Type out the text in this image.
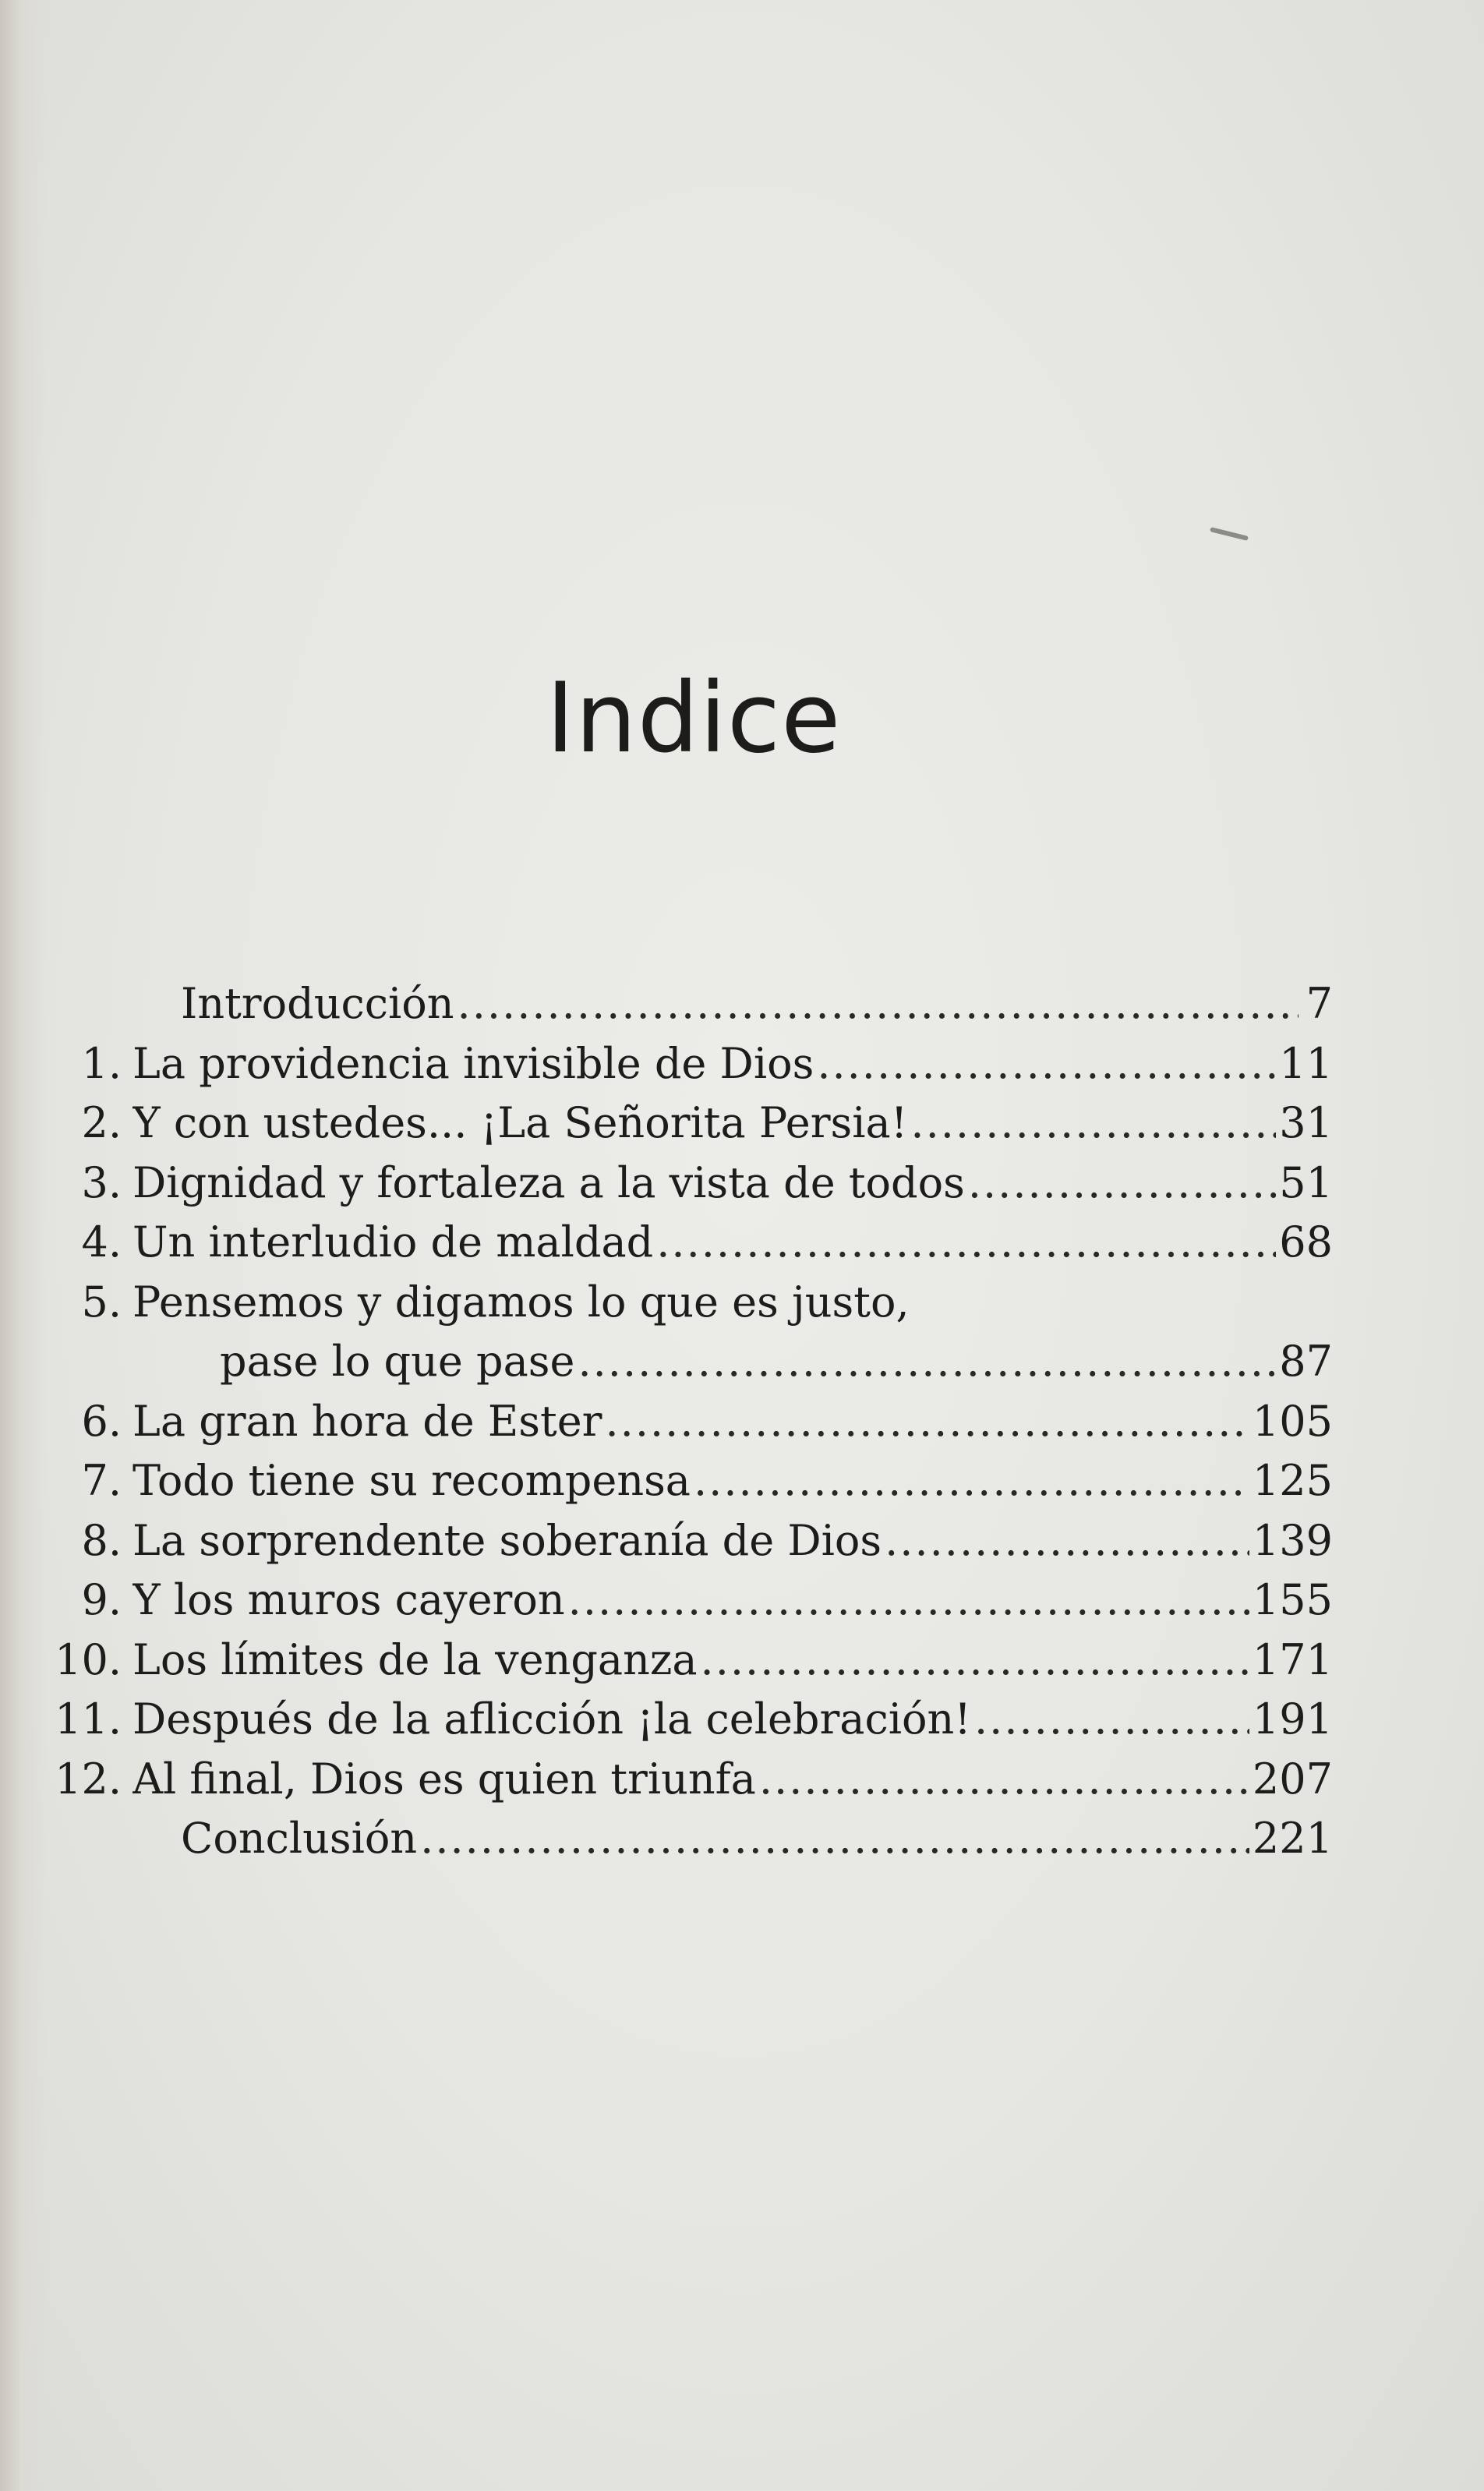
Indice
Introducción .....	7
1. La providencia invisible de Dios .....	11
2. Y con ustedes... ¡La Señorita Persia! .....	31
3. Dignidad y fortaleza a la vista de todos .....	51
4. Un interludio de maldad .....	68
5. Pensemos y digamos lo que es justo,
pase lo que pase .....	87
6. La gran hora de Ester .....	105
7. Todo tiene su recompensa .....	125
8. La sorprendente soberanía de Dios .....	139
9. Y los muros cayeron .....	155
10. Los límites de la venganza .....	171
11. Después de la aflicción ¡la celebración! .....	191
12. Al final, Dios es quien triunfa .....	207
Conclusión .....	221
